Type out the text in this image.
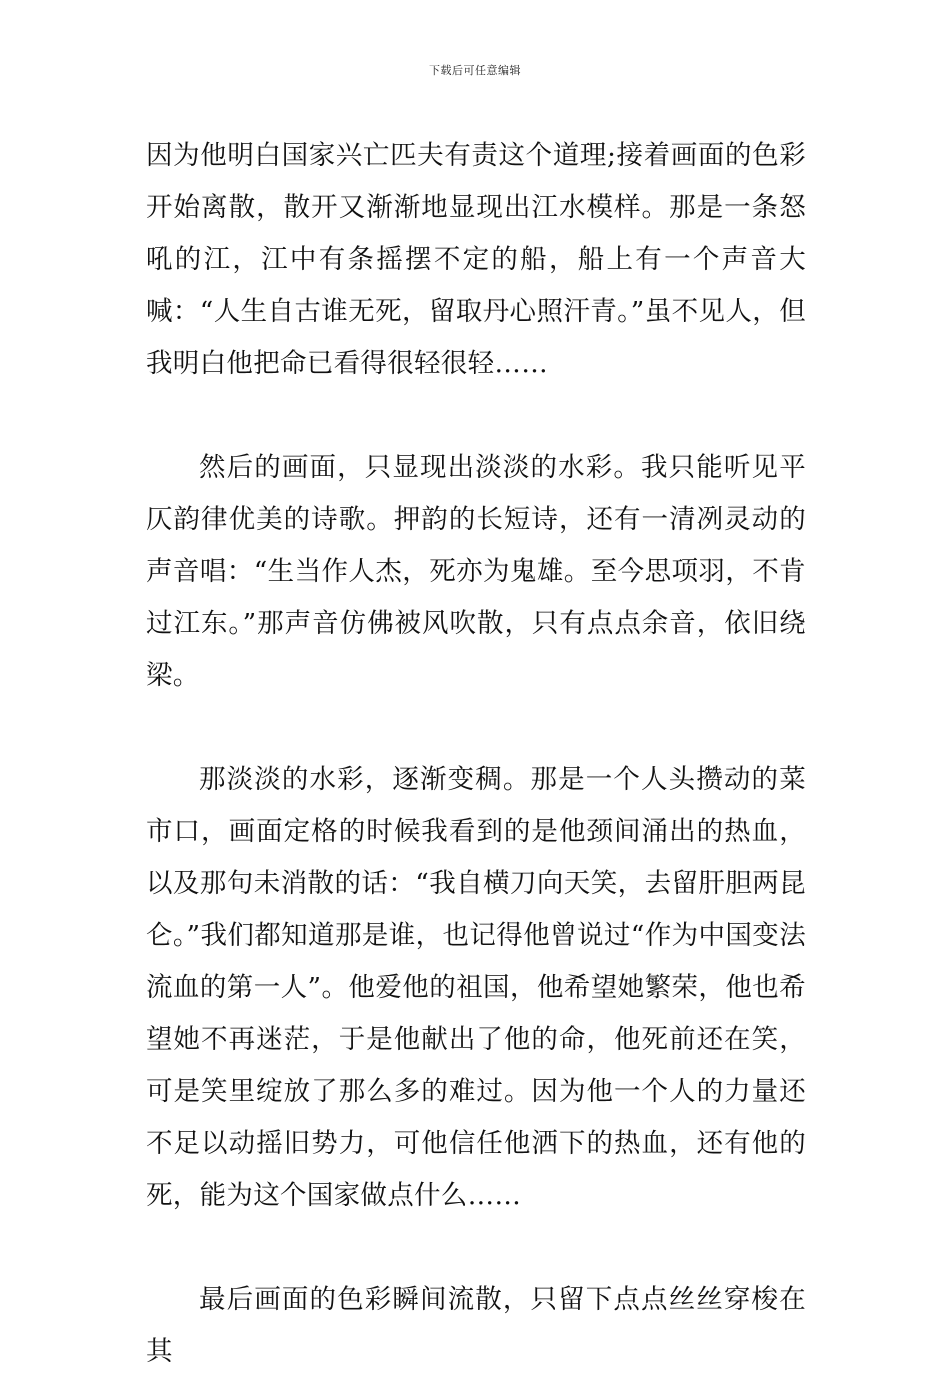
下载后可任意编辑

因为他明白国家兴亡匹夫有责这个道理;接着画面的色彩开始离散，散开又渐渐地显现出江水模样。那是一条怒吼的江，江中有条摇摆不定的船，船上有一个声音大喊：“人生自古谁无死，留取丹心照汗青。”虽不见人，但我明白他把命已看得很轻很轻……

然后的画面，只显现出淡淡的水彩。我只能听见平仄韵律优美的诗歌。押韵的长短诗，还有一清冽灵动的声音唱：“生当作人杰，死亦为鬼雄。至今思项羽，不肯过江东。”那声音仿佛被风吹散，只有点点余音，依旧绕梁。

那淡淡的水彩，逐渐变稠。那是一个人头攒动的菜市口，画面定格的时候我看到的是他颈间涌出的热血，以及那句未消散的话：“我自横刀向天笑，去留肝胆两昆仑。”我们都知道那是谁，也记得他曾说过“作为中国变法流血的第一人”。他爱他的祖国，他希望她繁荣，他也希望她不再迷茫，于是他献出了他的命，他死前还在笑，可是笑里绽放了那么多的难过。因为他一个人的力量还不足以动摇旧势力，可他信任他洒下的热血，还有他的死，能为这个国家做点什么……

最后画面的色彩瞬间流散，只留下点点丝丝穿梭在其
